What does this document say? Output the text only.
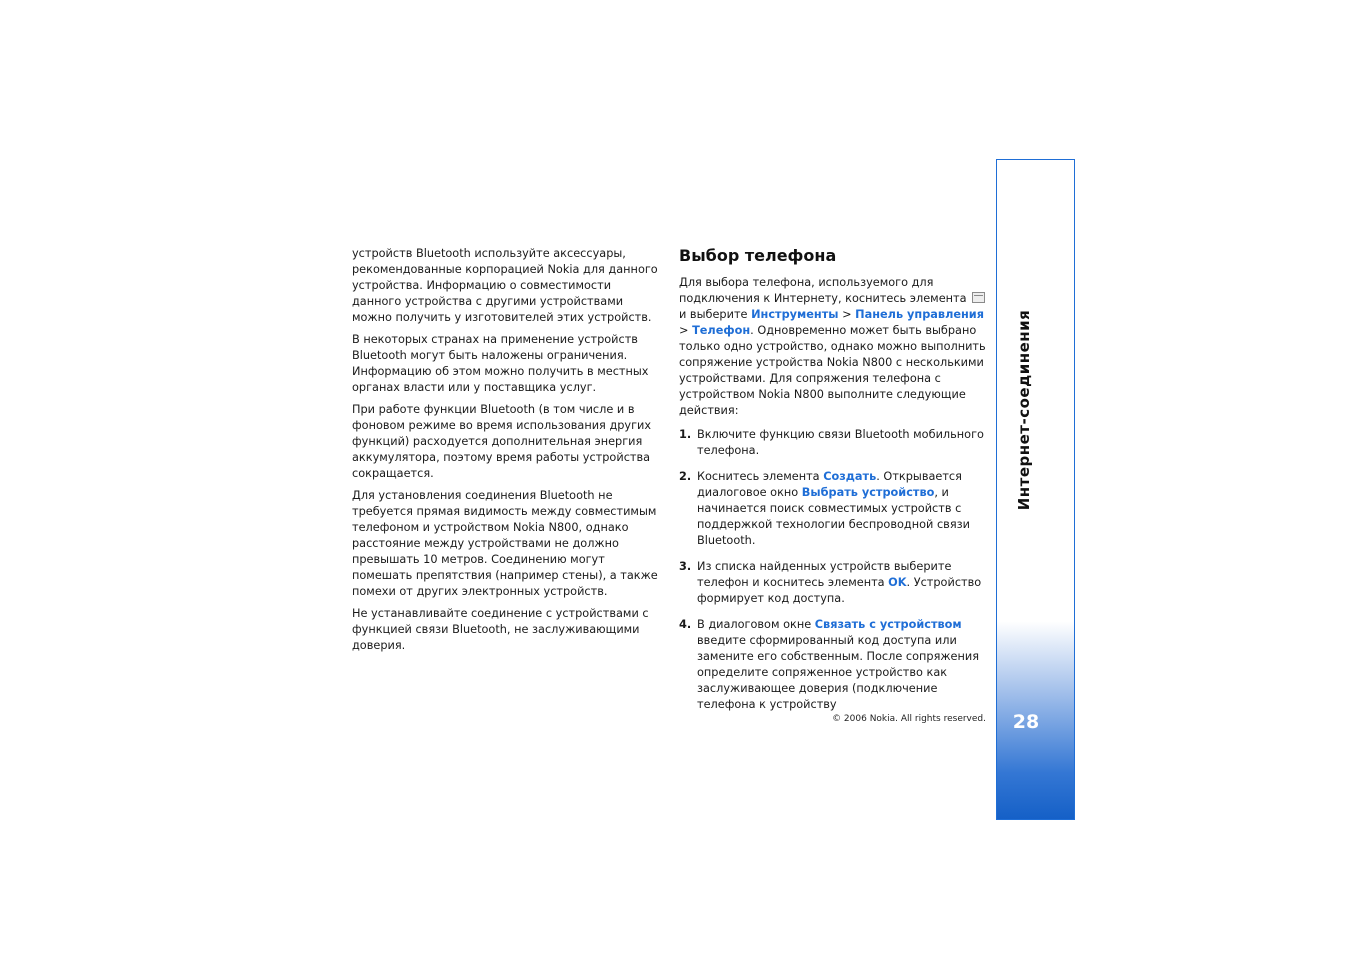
устройств Bluetooth используйте аксессуары, рекомендованные корпорацией Nokia для данного устройства. Информацию о совместимости данного устройства с другими устройствами можно получить у изготовителей этих устройств.

В некоторых странах на применение устройств Bluetooth могут быть наложены ограничения. Информацию об этом можно получить в местных органах власти или у поставщика услуг.

При работе функции Bluetooth (в том числе и в фоновом режиме во время использования других функций) расходуется дополнительная энергия аккумулятора, поэтому время работы устройства сокращается.

Для установления соединения Bluetooth не требуется прямая видимость между совместимым телефоном и устройством Nokia N800, однако расстояние между устройствами не должно превышать 10 метров. Соединению могут помешать препятствия (например стены), а также помехи от других электронных устройств.

Не устанавливайте соединение с устройствами с функцией связи Bluetooth, не заслуживающими доверия.

Выбор телефона

Для выбора телефона, используемого для подключения к Интернету, коснитесь элемента  и выберите Инструменты > Панель управления > Телефон. Одновременно может быть выбрано только одно устройство, однако можно выполнить сопряжение устройства Nokia N800 с несколькими устройствами. Для сопряжения телефона с устройством Nokia N800 выполните следующие действия:

1. Включите функцию связи Bluetooth мобильного телефона.
2. Коснитесь элемента Создать. Открывается диалоговое окно Выбрать устройство, и начинается поиск совместимых устройств с поддержкой технологии беспроводной связи Bluetooth.
3. Из списка найденных устройств выберите телефон и коснитесь элемента OK. Устройство формирует код доступа.
4. В диалоговом окне Связать с устройством введите сформированный код доступа или замените его собственным. После сопряжения определите сопряженное устройство как заслуживающее доверия (подключение телефона к устройству
© 2006 Nokia. All rights reserved.
Интернет-соединения
28
